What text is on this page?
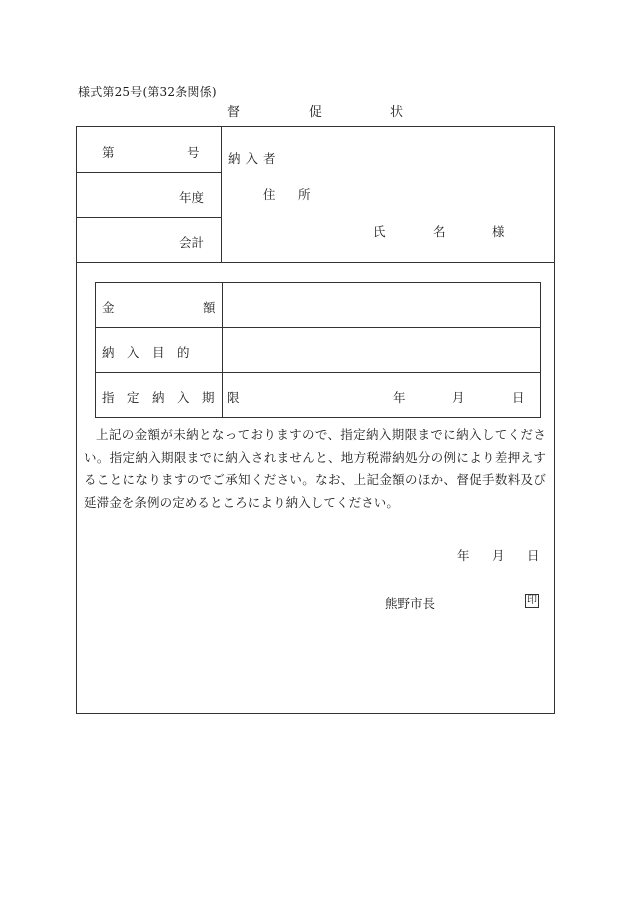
様式第25号(第32条関係)
督	促	状
第	号
年度
会計
納入者
住 所
氏	名	様
金	額
納　入　目　的
指　定　納　入　期　限	年	月	日
上記の金額が未納となっておりますので、指定納入期限までに納入してください。指定納入期限までに納入されませんと、地方税滞納処分の例により差押えすることになりますのでご承知ください。なお、上記金額のほか、督促手数料及び延滞金を条例の定めるところにより納入してください。
年 月 日
熊野市長	印
